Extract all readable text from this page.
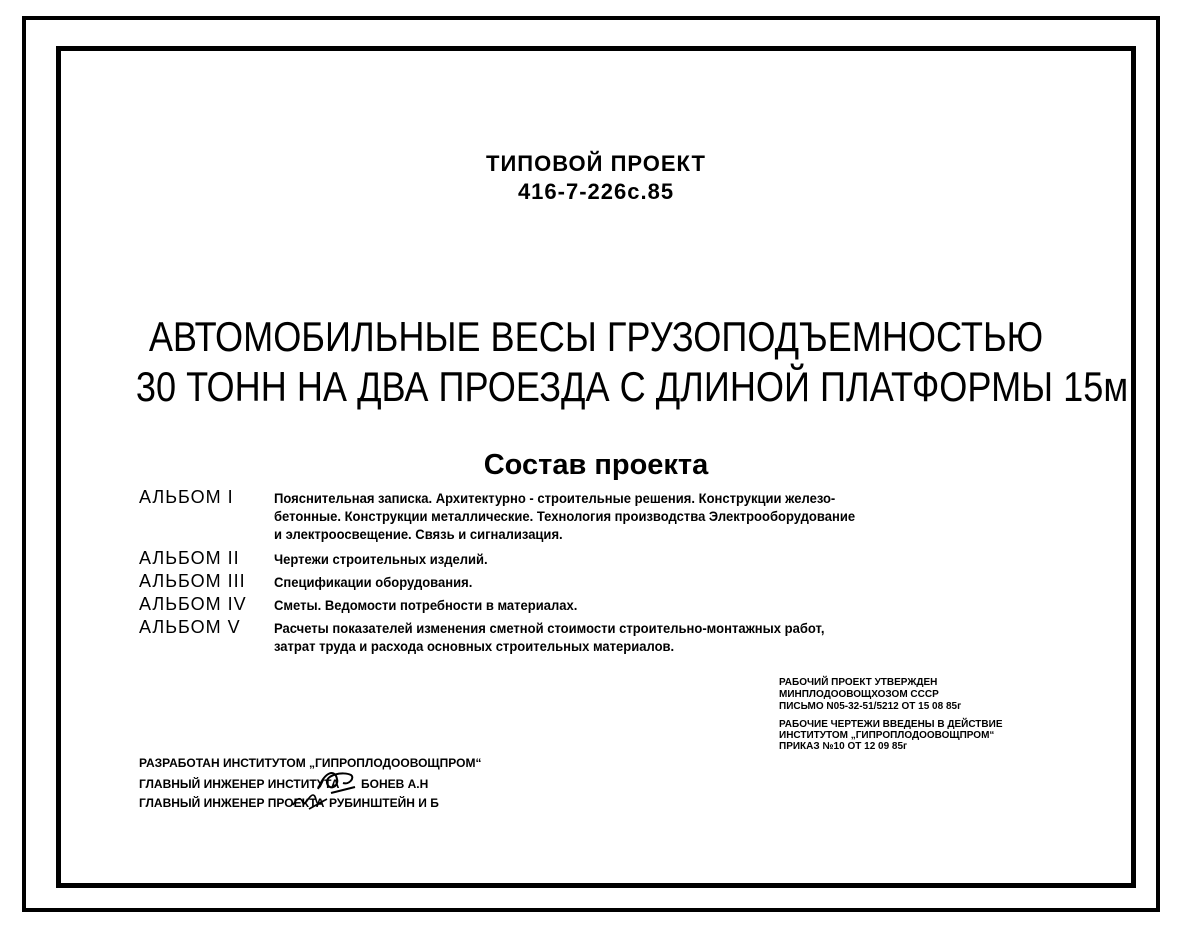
ТИПОВОЙ ПРОЕКТ
416-7-226с.85
АВТОМОБИЛЬНЫЕ ВЕСЫ ГРУЗОПОДЪЕМНОСТЬЮ
30 ТОНН НА ДВА ПРОЕЗДА С ДЛИНОЙ ПЛАТФОРМЫ 15м
Состав проекта
АЛЬБОМ I	Пояснительная записка. Архитектурно - строительные решения. Конструкции железо-
бетонные. Конструкции металлические. Технология производства Электрооборудование
и электроосвещение. Связь и сигнализация.
АЛЬБОМ II Чертежи строительных изделий.
АЛЬБОМ III Спецификации оборудования.
АЛЬБОМ IV Сметы. Ведомости потребности в материалах.
АЛЬБОМ V Расчеты показателей изменения сметной стоимости строительно-монтажных работ,
затрат труда и расхода основных строительных материалов.
РАБОЧИЙ ПРОЕКТ УТВЕРЖДЕН
МИНПЛОДООВОЩХОЗОМ СССР
ПИСЬМО N05-32-51/5212 ОТ 15 08 85г
РАБОЧИЕ ЧЕРТЕЖИ ВВЕДЕНЫ В ДЕЙСТВИЕ
ИНСТИТУТОМ „ГИПРОПЛОДООВОЩПРОМ“
ПРИКАЗ №10 ОТ 12 09 85г
РАЗРАБОТАН ИНСТИТУТОМ „ГИПРОПЛОДООВОЩПРОМ“
ГЛАВНЫЙ ИНЖЕНЕР ИНСТИТУТА БОНЕВ А.Н
ГЛАВНЫЙ ИНЖЕНЕР ПРОЕКТА РУБИНШТЕЙН И Б
